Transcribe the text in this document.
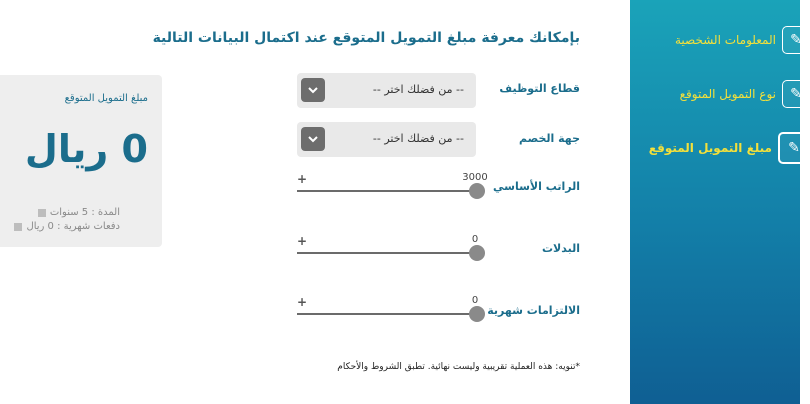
✎
المعلومات الشخصية
✎
نوع التمويل المتوقع
✎
مبلغ التمويل المتوقع
بإمكانك معرفة مبلغ التمويل المتوقع عند اكتمال البيانات التالية
قطاع التوظيف
-- من فضلك اختر --
جهة الخصم
-- من فضلك اختر --
الراتب الأساسي
+	3000
البدلات
+	0
الالتزامات شهرية
+	0
*تنويه: هذه العملية تقريبية وليست نهائية. تطبق الشروط والأحكام
مبلغ التمويل المتوقع
0 ريال
المدة : 5 سنوات
دفعات شهرية : 0 ريال
